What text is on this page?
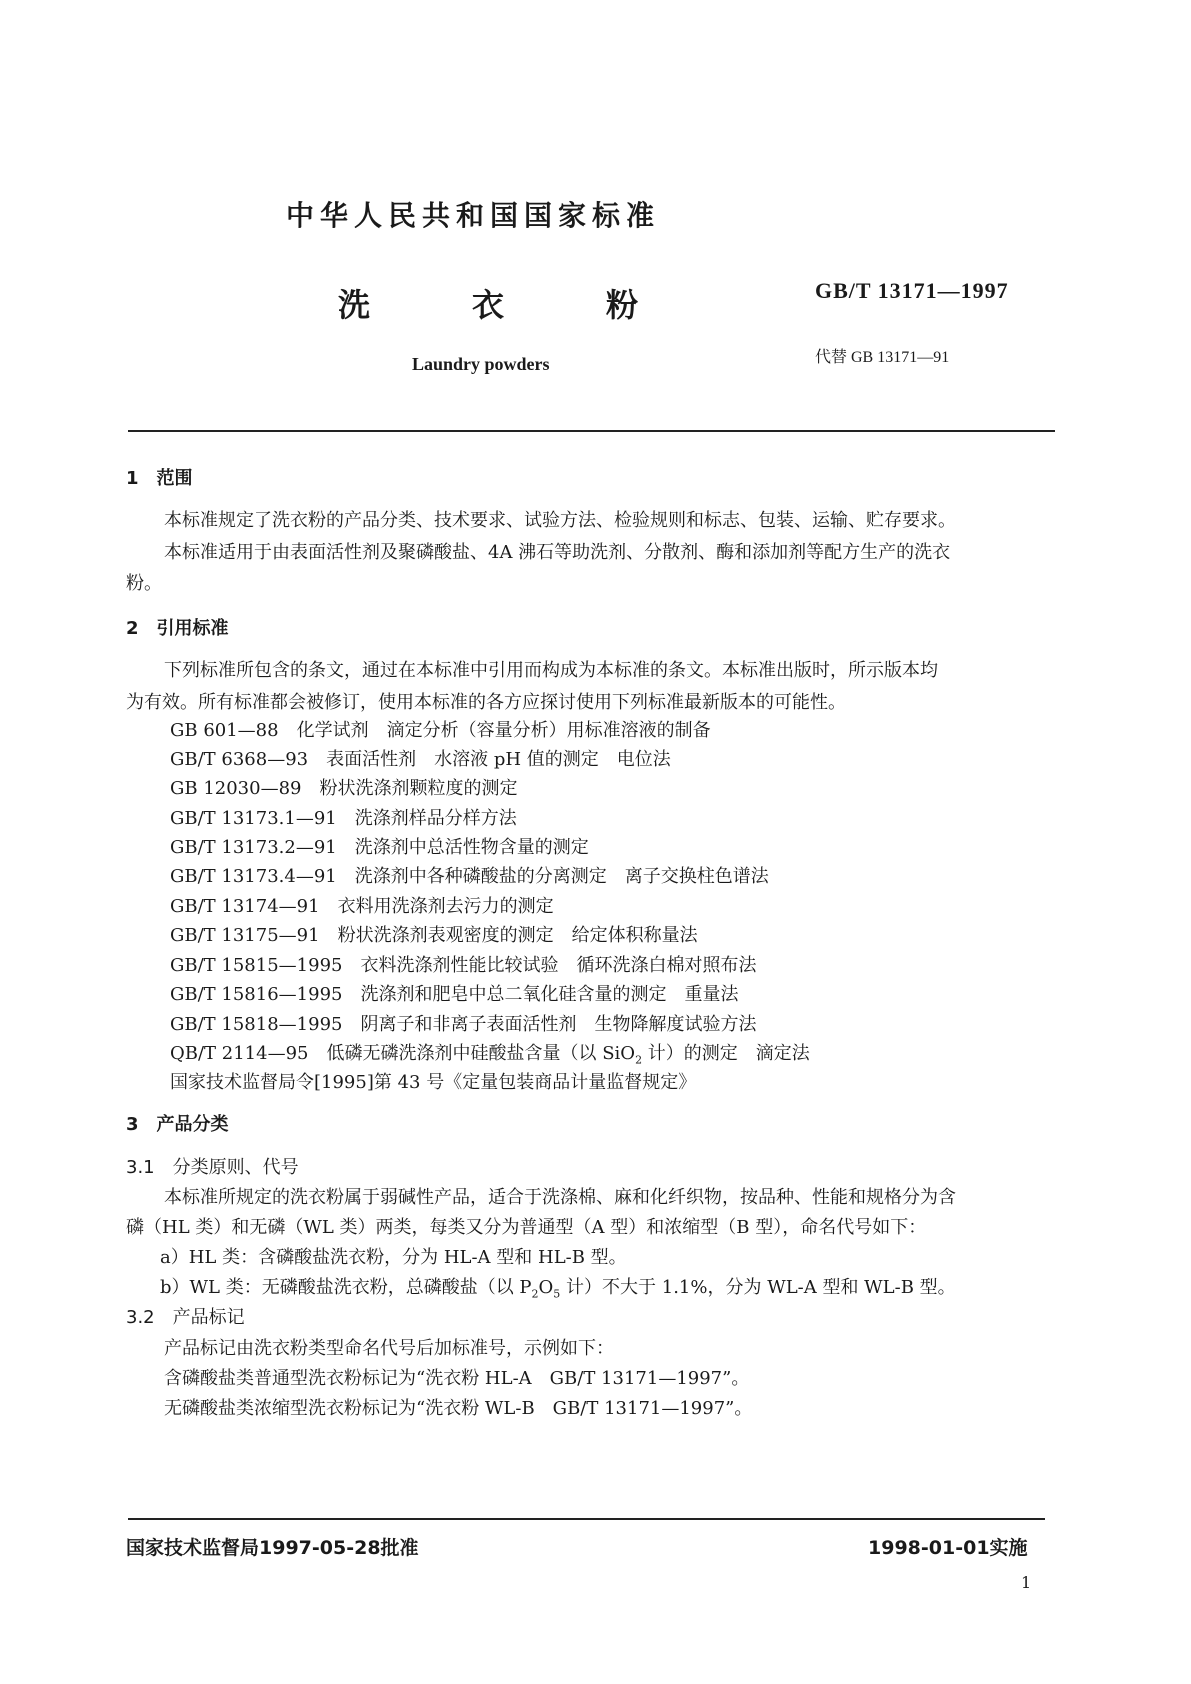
中华人民共和国国家标准
洗	衣	粉
Laundry powders
GB/T 13171—1997
代替 GB 13171—91
1　范围
本标准规定了洗衣粉的产品分类、技术要求、试验方法、检验规则和标志、包装、运输、贮存要求。
本标准适用于由表面活性剂及聚磷酸盐、4A 沸石等助洗剂、分散剂、酶和添加剂等配方生产的洗衣
粉。
2　引用标准
下列标准所包含的条文，通过在本标准中引用而构成为本标准的条文。本标准出版时，所示版本均
为有效。所有标准都会被修订，使用本标准的各方应探讨使用下列标准最新版本的可能性。
GB 601—88 化学试剂　滴定分析（容量分析）用标准溶液的制备
GB/T 6368—93 表面活性剂　水溶液 pH 值的测定　电位法
GB 12030—89 粉状洗涤剂颗粒度的测定
GB/T 13173.1—91 洗涤剂样品分样方法
GB/T 13173.2—91 洗涤剂中总活性物含量的测定
GB/T 13173.4—91 洗涤剂中各种磷酸盐的分离测定　离子交换柱色谱法
GB/T 13174—91 衣料用洗涤剂去污力的测定
GB/T 13175—91 粉状洗涤剂表观密度的测定　给定体积称量法
GB/T 15815—1995 衣料洗涤剂性能比较试验　循环洗涤白棉对照布法
GB/T 15816—1995 洗涤剂和肥皂中总二氧化硅含量的测定　重量法
GB/T 15818—1995 阴离子和非离子表面活性剂　生物降解度试验方法
QB/T 2114—95 低磷无磷洗涤剂中硅酸盐含量（以 SiO$_2$ 计）的测定　滴定法
国家技术监督局令[1995]第 43 号《定量包装商品计量监督规定》
3　产品分类
3.1　分类原则、代号
本标准所规定的洗衣粉属于弱碱性产品，适合于洗涤棉、麻和化纤织物，按品种、性能和规格分为含
磷（HL 类）和无磷（WL 类）两类，每类又分为普通型（A 型）和浓缩型（B 型），命名代号如下：
a）HL 类：含磷酸盐洗衣粉，分为 HL-A 型和 HL-B 型。
b）WL 类：无磷酸盐洗衣粉，总磷酸盐（以 $P_2O_5$ 计）不大于 1.1%，分为 WL-A 型和 WL-B 型。
3.2　产品标记
产品标记由洗衣粉类型命名代号后加标准号，示例如下：
含磷酸盐类普通型洗衣粉标记为“洗衣粉 HL-A　GB/T 13171—1997”。
无磷酸盐类浓缩型洗衣粉标记为“洗衣粉 WL-B　GB/T 13171—1997”。
国家技术监督局1997-05-28批准	1998-01-01实施
1
